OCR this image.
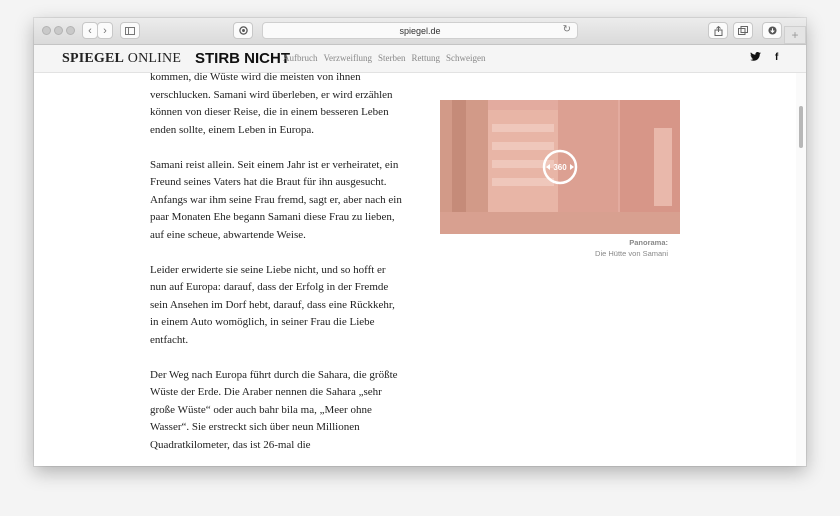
‹ ›	spiegel.de	↻
SPIEGEL ONLINE STIRB NICHT
Aufbruch Verzweiflung Sterben Rettung Schweigen	f

kommen, die Wüste wird die meisten von ihnen verschlucken. Samani wird überleben, er wird erzählen können von dieser Reise, die in einem besseren Leben enden sollte, einem Leben in Europa.

Samani reist allein. Seit einem Jahr ist er verheiratet, ein Freund seines Vaters hat die Braut für ihn ausgesucht. Anfangs war ihm seine Frau fremd, sagt er, aber nach ein paar Monaten Ehe begann Samani diese Frau zu lieben, auf eine scheue, abwartende Weise.

Leider erwiderte sie seine Liebe nicht, und so hofft er nun auf Europa: darauf, dass der Erfolg in der Fremde sein Ansehen im Dorf hebt, darauf, dass eine Rückkehr, in einem Auto womöglich, in seiner Frau die Liebe entfacht.

Der Weg nach Europa führt durch die Sahara, die größte Wüste der Erde. Die Araber nennen die Sahara „sehr große Wüste“ oder auch bahr bila ma, „Meer ohne Wasser“. Sie erstreckt sich über neun Millionen Quadratkilometer, das ist 26-mal die

360
Panorama:
Die Hütte von Samani
+
